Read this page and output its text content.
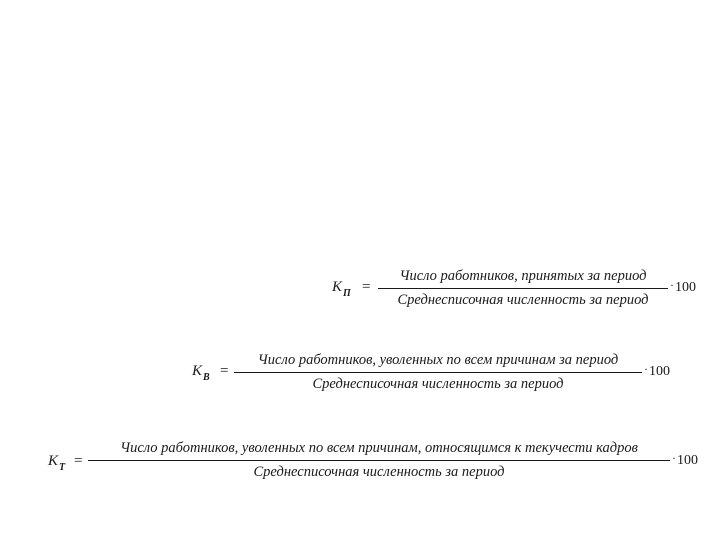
$K_П$ =
Число работников, принятых за период
Среднесписочная численность за период
·100
$K_В$ =
Число работников, уволенных по всем причинам за период
Среднесписочная численность за период
·100
$K_Т$ =
Число работников, уволенных по всем причинам, относящимся к текучести кадров
Среднесписочная численность за период
·100
